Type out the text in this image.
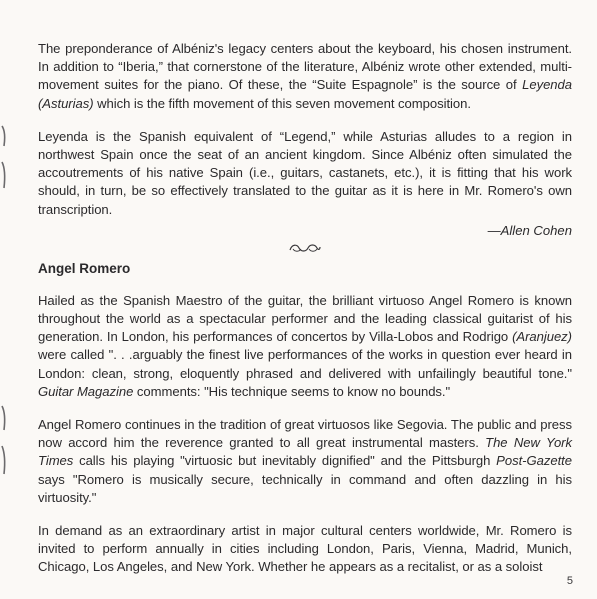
The preponderance of Albéniz's legacy centers about the keyboard, his chosen instrument. In addition to “Iberia,” that cornerstone of the literature, Albéniz wrote other extended, multi-movement suites for the piano. Of these, the “Suite Espagnole” is the source of Leyenda (Asturias) which is the fifth movement of this seven movement composition.

Leyenda is the Spanish equivalent of “Legend,” while Asturias alludes to a region in northwest Spain once the seat of an ancient kingdom. Since Albéniz often simulated the accoutrements of his native Spain (i.e., guitars, castanets, etc.), it is fitting that his work should, in turn, be so effectively translated to the guitar as it is here in Mr. Romero's own transcription.

—Allen Cohen
Angel Romero

Hailed as the Spanish Maestro of the guitar, the brilliant virtuoso Angel Romero is known throughout the world as a spectacular performer and the leading classical guitarist of his generation. In London, his performances of concertos by Villa-Lobos and Rodrigo (Aranjuez) were called ". . .arguably the finest live performances of the works in question ever heard in London: clean, strong, eloquently phrased and delivered with unfailingly beautiful tone." Guitar Magazine comments: "His technique seems to know no bounds."

Angel Romero continues in the tradition of great virtuosos like Segovia. The public and press now accord him the reverence granted to all great instrumental masters. The New York Times calls his playing "virtuosic but inevitably dignified" and the Pittsburgh Post-Gazette says "Romero is musically secure, technically in command and often dazzling in his virtuosity."

In demand as an extraordinary artist in major cultural centers worldwide, Mr. Romero is invited to perform annually in cities including London, Paris, Vienna, Madrid, Munich, Chicago, Los Angeles, and New York. Whether he appears as a recitalist, or as a soloist

5
